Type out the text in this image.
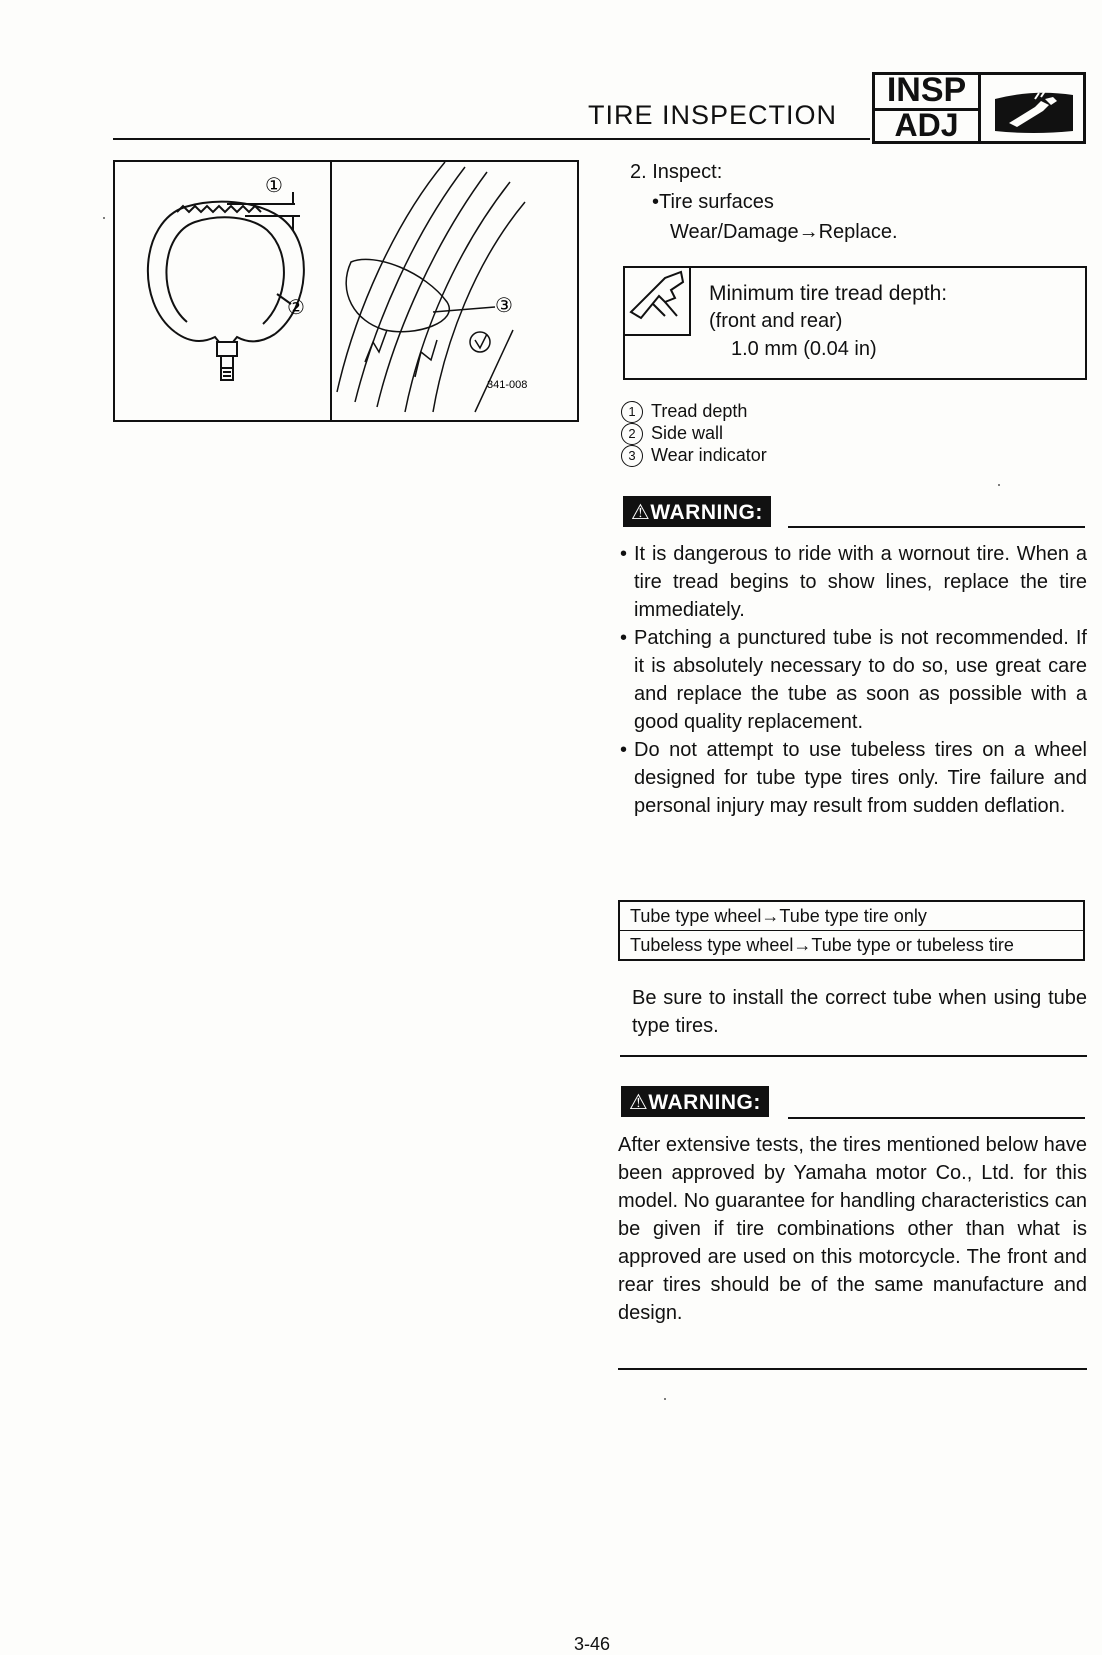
TIRE INSPECTION
INSP
ADJ
①
②	③
341-008
2. Inspect:
•Tire surfaces
Wear/Damage→Replace.
Minimum tire tread depth:
(front and rear)
1.0 mm (0.04 in)
1 Tread depth
2 Side wall
3 Wear indicator
⚠WARNING:
• It is dangerous to ride with a wornout tire. When a tire tread begins to show lines, replace the tire immediately.
• Patching a punctured tube is not recommended. If it is absolutely necessary to do so, use great care and replace the tube as soon as possible with a good quality replacement.
• Do not attempt to use tubeless tires on a wheel designed for tube type tires only. Tire failure and personal injury may result from sudden deflation.
Tube type wheel→Tube type tire only
Tubeless type wheel→Tube type or tubeless tire
Be sure to install the correct tube when using tube type tires.
⚠WARNING:
After extensive tests, the tires mentioned below have been approved by Yamaha motor Co., Ltd. for this model. No guarantee for handling characteristics can be given if tire combinations other than what is approved are used on this motorcycle. The front and rear tires should be of the same manufacture and design.
3-46
